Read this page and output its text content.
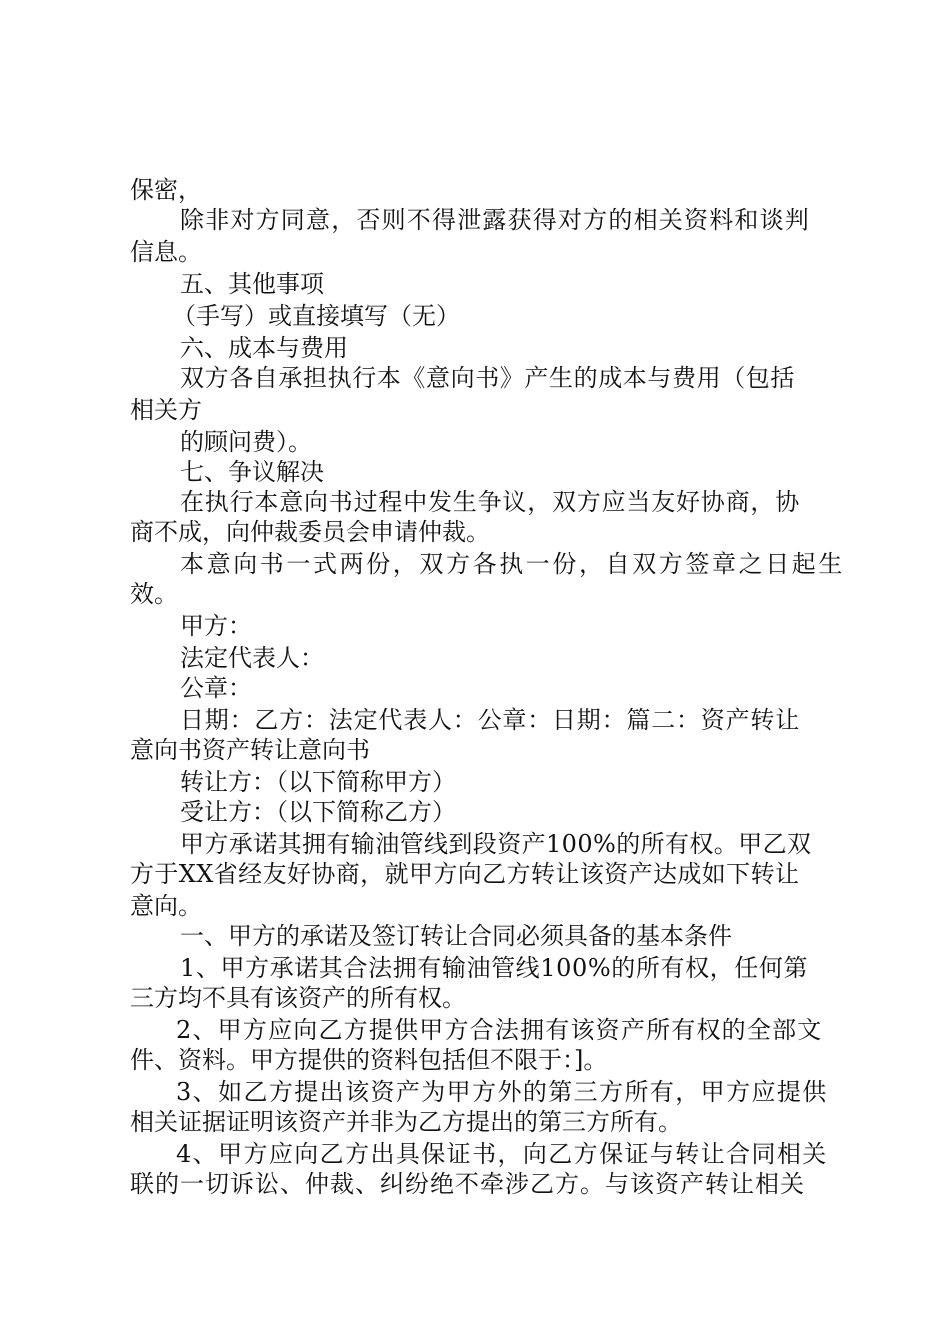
保密，
除非对方同意，否则不得泄露获得对方的相关资料和谈判
信息。
五、其他事项
（手写）或直接填写（无）
六、成本与费用
双方各自承担执行本《意向书》产生的成本与费用（包括
相关方
的顾问费）。
七、争议解决
在执行本意向书过程中发生争议，双方应当友好协商，协
商不成，向仲裁委员会申请仲裁。
本意向书一式两份，双方各执一份，自双方签章之日起生
效。
甲方：
法定代表人：
公章：
日期：乙方：法定代表人：公章：日期：篇二：资产转让
意向书资产转让意向书
转让方：（以下简称甲方）
受让方：（以下简称乙方）
甲方承诺其拥有输油管线到段资产100%的所有权。甲乙双
方于XX省经友好协商，就甲方向乙方转让该资产达成如下转让
意向。
一、甲方的承诺及签订转让合同必须具备的基本条件
1、甲方承诺其合法拥有输油管线100%的所有权，任何第
三方均不具有该资产的所有权。
2、甲方应向乙方提供甲方合法拥有该资产所有权的全部文
件、资料。甲方提供的资料包括但不限于：]。
3、如乙方提出该资产为甲方外的第三方所有，甲方应提供
相关证据证明该资产并非为乙方提出的第三方所有。
4、甲方应向乙方出具保证书，向乙方保证与转让合同相关
联的一切诉讼、仲裁、纠纷绝不牵涉乙方。与该资产转让相关
